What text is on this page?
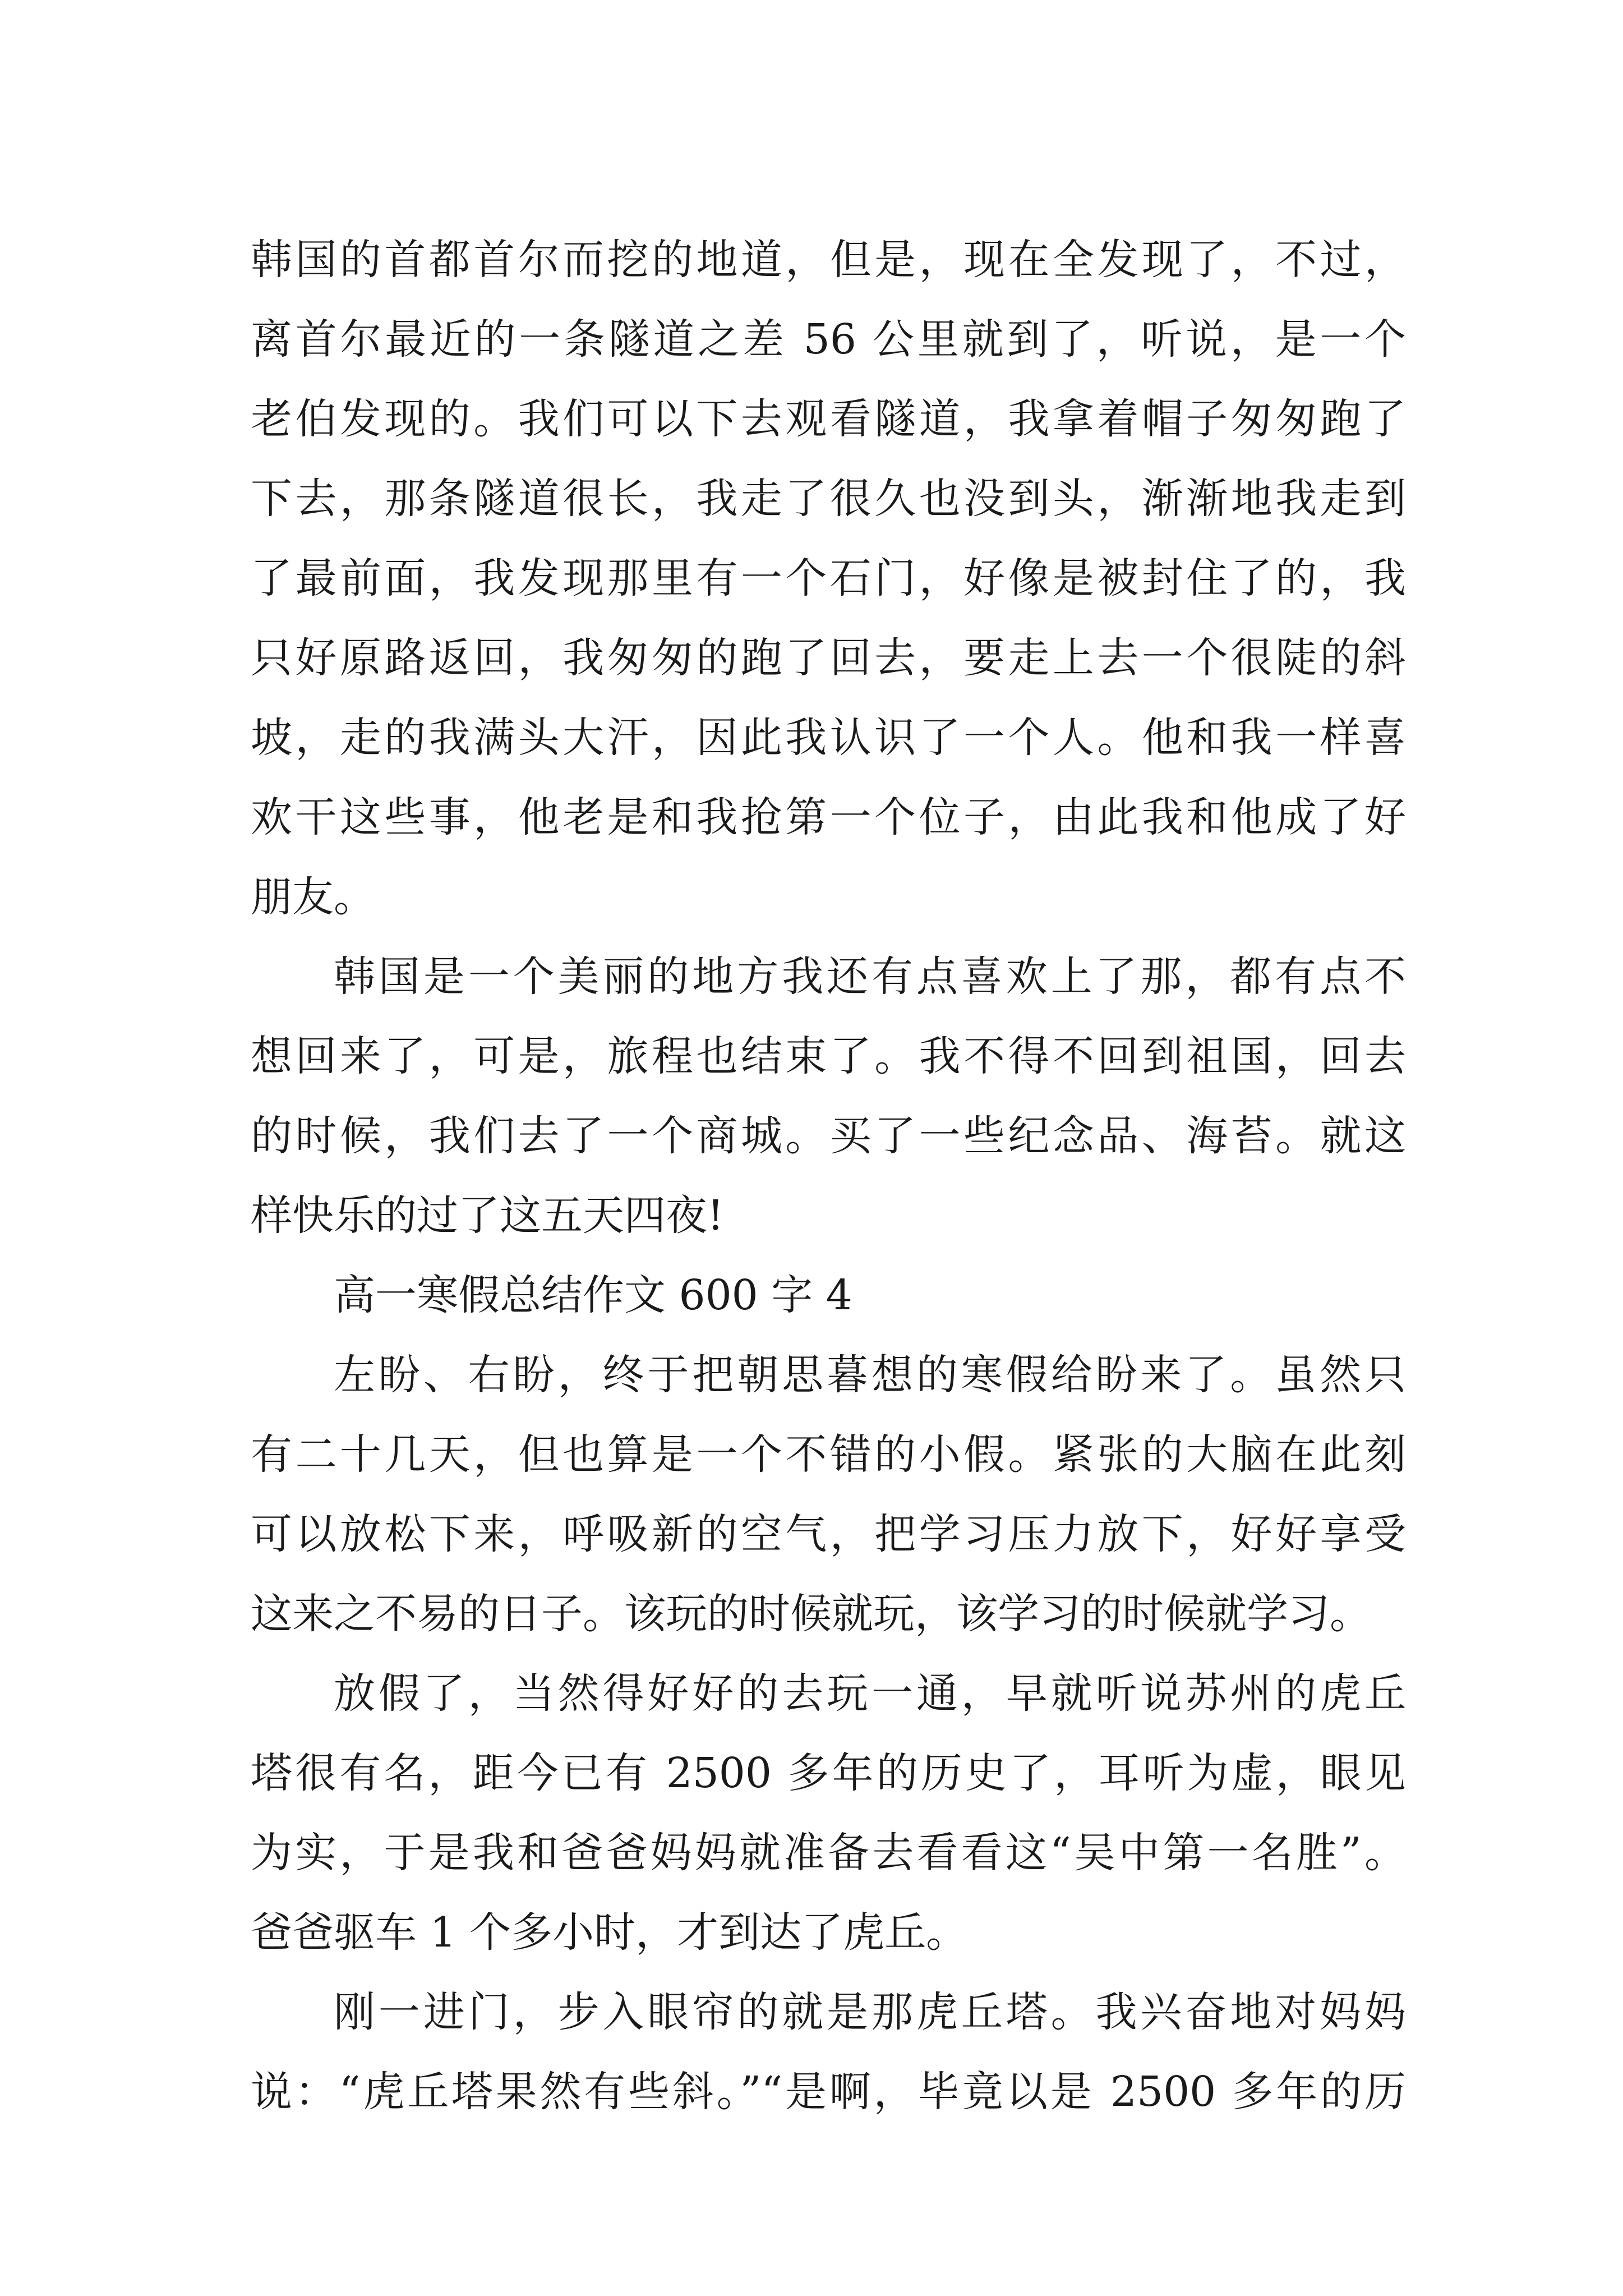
韩国的首都首尔而挖的地道，但是，现在全发现了，不过，
离首尔最近的一条隧道之差 56 公里就到了，听说，是一个
老伯发现的。我们可以下去观看隧道，我拿着帽子匆匆跑了
下去，那条隧道很长，我走了很久也没到头，渐渐地我走到
了最前面，我发现那里有一个石门，好像是被封住了的，我
只好原路返回，我匆匆的跑了回去，要走上去一个很陡的斜
坡，走的我满头大汗，因此我认识了一个人。他和我一样喜
欢干这些事，他老是和我抢第一个位子，由此我和他成了好
朋友。
韩国是一个美丽的地方我还有点喜欢上了那，都有点不
想回来了，可是，旅程也结束了。我不得不回到祖国，回去
的时候，我们去了一个商城。买了一些纪念品、海苔。就这
样快乐的过了这五天四夜!
高一寒假总结作文 600 字 4
左盼、右盼，终于把朝思暮想的寒假给盼来了。虽然只
有二十几天，但也算是一个不错的小假。紧张的大脑在此刻
可以放松下来，呼吸新的空气，把学习压力放下，好好享受
这来之不易的日子。该玩的时候就玩，该学习的时候就学习。
放假了，当然得好好的去玩一通，早就听说苏州的虎丘
塔很有名，距今已有 2500 多年的历史了，耳听为虚，眼见
为实，于是我和爸爸妈妈就准备去看看这“吴中第一名胜”。
爸爸驱车 1 个多小时，才到达了虎丘。
刚一进门，步入眼帘的就是那虎丘塔。我兴奋地对妈妈
说：“虎丘塔果然有些斜。”“是啊，毕竟以是 2500 多年的历
